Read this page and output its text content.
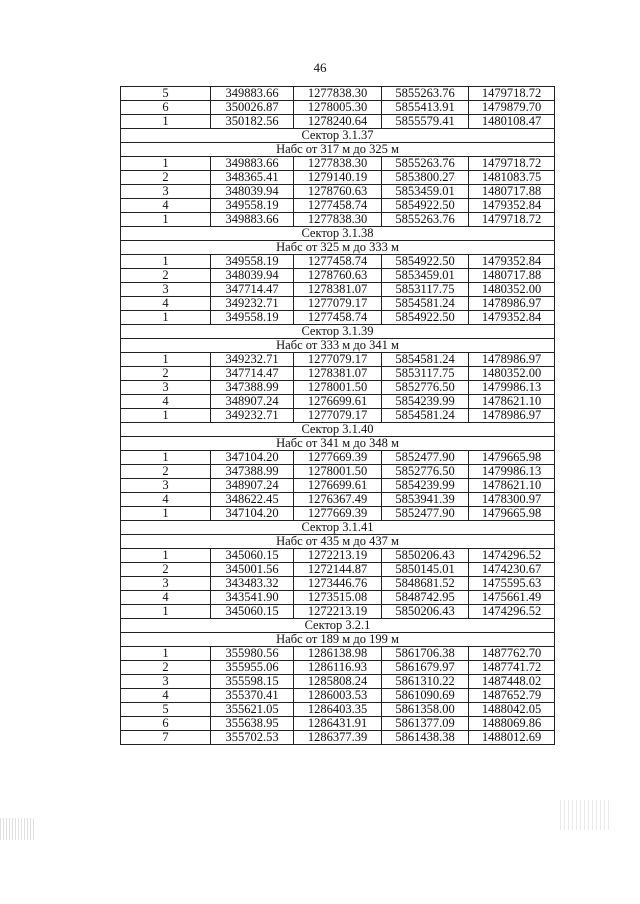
46
5	349883.66	1277838.30	5855263.76	1479718.72
6	350026.87	1278005.30	5855413.91	1479879.70
1	350182.56	1278240.64	5855579.41	1480108.47
Сектор 3.1.37				
Набс от 317 м до 325 м				
1	349883.66	1277838.30	5855263.76	1479718.72
2	348365.41	1279140.19	5853800.27	1481083.75
3	348039.94	1278760.63	5853459.01	1480717.88
4	349558.19	1277458.74	5854922.50	1479352.84
1	349883.66	1277838.30	5855263.76	1479718.72
Сектор 3.1.38				
Набс от 325 м до 333 м				
1	349558.19	1277458.74	5854922.50	1479352.84
2	348039.94	1278760.63	5853459.01	1480717.88
3	347714.47	1278381.07	5853117.75	1480352.00
4	349232.71	1277079.17	5854581.24	1478986.97
1	349558.19	1277458.74	5854922.50	1479352.84
Сектор 3.1.39				
Набс от 333 м до 341 м				
1	349232.71	1277079.17	5854581.24	1478986.97
2	347714.47	1278381.07	5853117.75	1480352.00
3	347388.99	1278001.50	5852776.50	1479986.13
4	348907.24	1276699.61	5854239.99	1478621.10
1	349232.71	1277079.17	5854581.24	1478986.97
Сектор 3.1.40				
Набс от 341 м до 348 м				
1	347104.20	1277669.39	5852477.90	1479665.98
2	347388.99	1278001.50	5852776.50	1479986.13
3	348907.24	1276699.61	5854239.99	1478621.10
4	348622.45	1276367.49	5853941.39	1478300.97
1	347104.20	1277669.39	5852477.90	1479665.98
Сектор 3.1.41				
Набс от 435 м до 437 м				
1	345060.15	1272213.19	5850206.43	1474296.52
2	345001.56	1272144.87	5850145.01	1474230.67
3	343483.32	1273446.76	5848681.52	1475595.63
4	343541.90	1273515.08	5848742.95	1475661.49
1	345060.15	1272213.19	5850206.43	1474296.52
Сектор 3.2.1				
Набс от 189 м до 199 м				
1	355980.56	1286138.98	5861706.38	1487762.70
2	355955.06	1286116.93	5861679.97	1487741.72
3	355598.15	1285808.24	5861310.22	1487448.02
4	355370.41	1286003.53	5861090.69	1487652.79
5	355621.05	1286403.35	5861358.00	1488042.05
6	355638.95	1286431.91	5861377.09	1488069.86
7	355702.53	1286377.39	5861438.38	1488012.69
